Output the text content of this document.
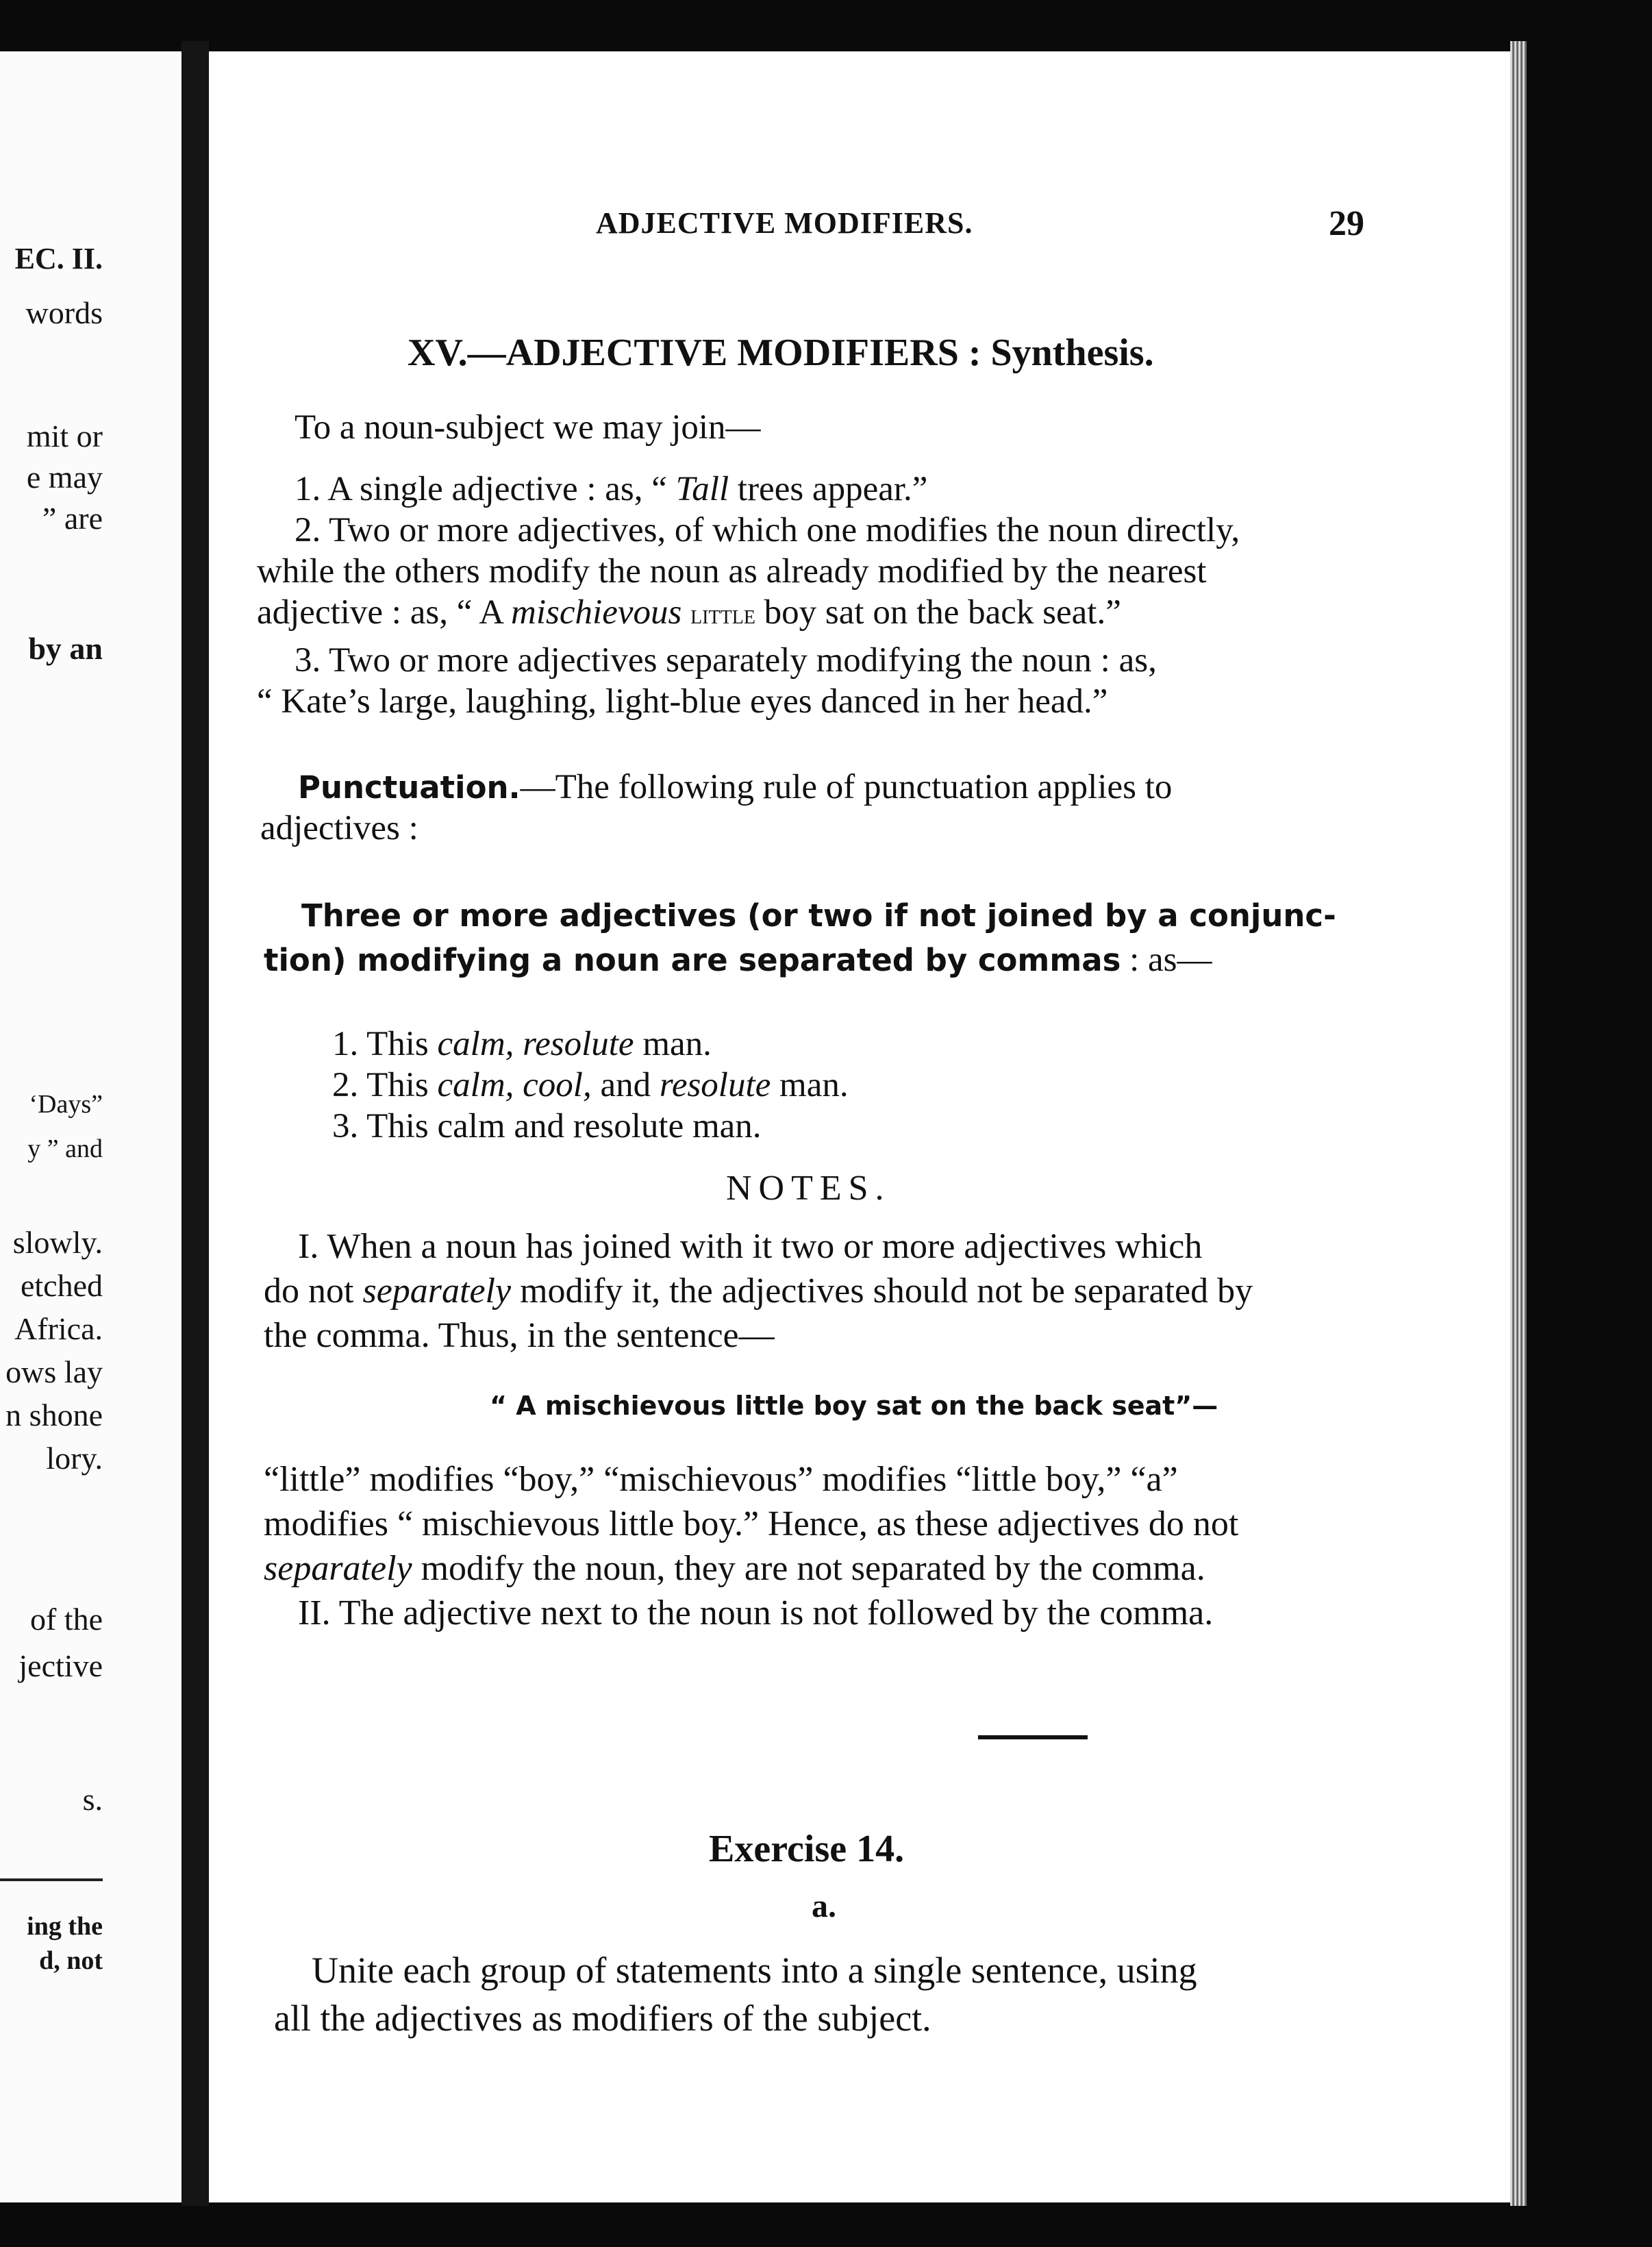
EC. II.
words
mit or
e may
” are
by an
‘Days”
y ” and
slowly.
etched
Africa.
ows lay
n shone
lory.
of the
jective
s.
ing the
d, not
ADJECTIVE MODIFIERS.	29
XV.—ADJECTIVE MODIFIERS : Synthesis.
To a noun-subject we may join—
1. A single adjective : as, “ Tall trees appear.”
2. Two or more adjectives, of which one modifies the noun directly,
while the others modify the noun as already modified by the nearest
adjective : as, “ A mischievous little boy sat on the back seat.”
3. Two or more adjectives separately modifying the noun : as,
“ Kate’s large, laughing, light-blue eyes danced in her head.”
Punctuation.—The following rule of punctuation applies to
adjectives :
Three or more adjectives (or two if not joined by a conjunc-
tion) modifying a noun are separated by commas : as—
1. This calm, resolute man.
2. This calm, cool, and resolute man.
3. This calm and resolute man.
NOTES.
I. When a noun has joined with it two or more adjectives which
do not separately modify it, the adjectives should not be separated by
the comma. Thus, in the sentence—
“ A mischievous little boy sat on the back seat”—
“little” modifies “boy,” “mischievous” modifies “little boy,” “a”
modifies “ mischievous little boy.” Hence, as these adjectives do not
separately modify the noun, they are not separated by the comma.
II. The adjective next to the noun is not followed by the comma.
Exercise 14.
a.
Unite each group of statements into a single sentence, using
all the adjectives as modifiers of the subject.
